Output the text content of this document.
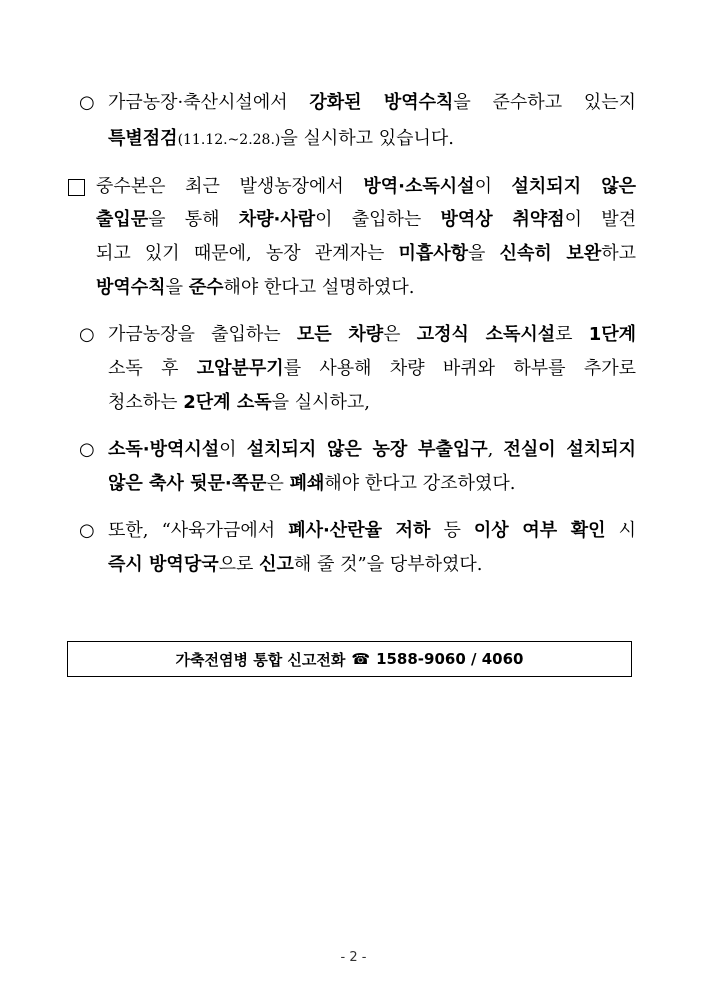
○ 가금농장·축산시설에서 강화된 방역수칙을 준수하고 있는지
특별점검(11.12.~2.28.)을 실시하고 있습니다.
중수본은 최근 발생농장에서 방역·소독시설이 설치되지 않은
출입문을 통해 차량·사람이 출입하는 방역상 취약점이 발견
되고 있기 때문에, 농장 관계자는 미흡사항을 신속히 보완하고
방역수칙을 준수해야 한다고 설명하였다.
○ 가금농장을 출입하는 모든 차량은 고정식 소독시설로 1단계
소독 후 고압분무기를 사용해 차량 바퀴와 하부를 추가로
청소하는 2단계 소독을 실시하고,
○ 소독·방역시설이 설치되지 않은 농장 부출입구, 전실이 설치되지
않은 축사 뒷문·쪽문은 폐쇄해야 한다고 강조하였다.
○ 또한, “사육가금에서 폐사·산란율 저하 등 이상 여부 확인 시
즉시 방역당국으로 신고해 줄 것”을 당부하였다.
가축전염병 통합 신고전화 ☎ 1588-9060 / 4060
- 2 -
